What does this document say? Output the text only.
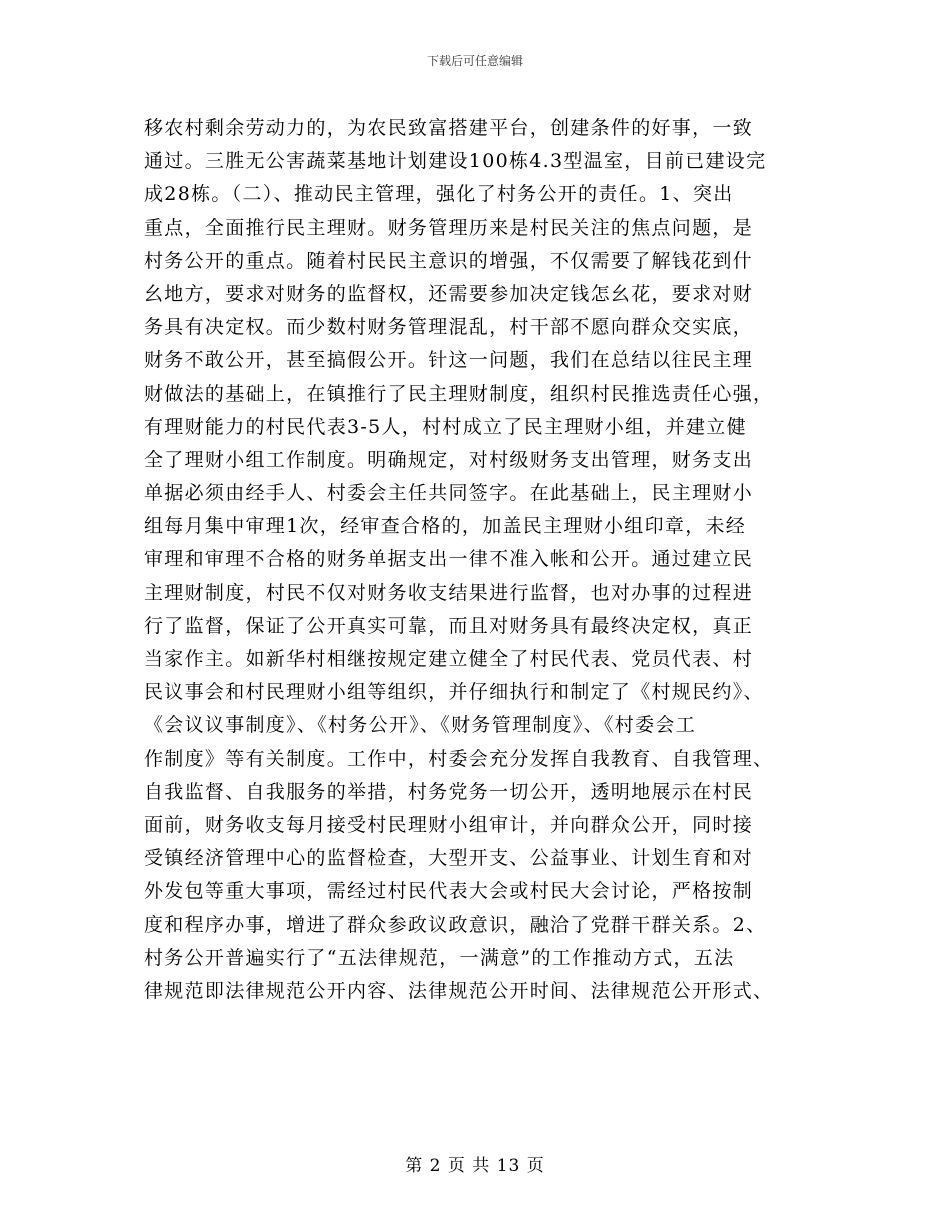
下载后可任意编辑
移农村剩余劳动力的，为农民致富搭建平台，创建条件的好事，一致
通过。三胜无公害蔬菜基地计划建设100栋4.3型温室，目前已建设完
成28栋。（二）、推动民主管理，强化了村务公开的责任。1、突出
重点，全面推行民主理财。财务管理历来是村民关注的焦点问题，是
村务公开的重点。随着村民民主意识的增强，不仅需要了解钱花到什
幺地方，要求对财务的监督权，还需要参加决定钱怎幺花，要求对财
务具有决定权。而少数村财务管理混乱，村干部不愿向群众交实底，
财务不敢公开，甚至搞假公开。针这一问题，我们在总结以往民主理
财做法的基础上，在镇推行了民主理财制度，组织村民推选责任心强，
有理财能力的村民代表3-5人，村村成立了民主理财小组，并建立健
全了理财小组工作制度。明确规定，对村级财务支出管理，财务支出
单据必须由经手人、村委会主任共同签字。在此基础上，民主理财小
组每月集中审理1次，经审查合格的，加盖民主理财小组印章，未经
审理和审理不合格的财务单据支出一律不准入帐和公开。通过建立民
主理财制度，村民不仅对财务收支结果进行监督，也对办事的过程进
行了监督，保证了公开真实可靠，而且对财务具有最终决定权，真正
当家作主。如新华村相继按规定建立健全了村民代表、党员代表、村
民议事会和村民理财小组等组织，并仔细执行和制定了《村规民约》、
《会议议事制度》、《村务公开》、《财务管理制度》、《村委会工
作制度》等有关制度。工作中，村委会充分发挥自我教育、自我管理、
自我监督、自我服务的举措，村务党务一切公开，透明地展示在村民
面前，财务收支每月接受村民理财小组审计，并向群众公开，同时接
受镇经济管理中心的监督检查，大型开支、公益事业、计划生育和对
外发包等重大事项，需经过村民代表大会或村民大会讨论，严格按制
度和程序办事，增进了群众参政议政意识，融洽了党群干群关系。2、
村务公开普遍实行了“五法律规范，一满意”的工作推动方式，五法
律规范即法律规范公开内容、法律规范公开时间、法律规范公开形式、
第 2 页 共 13 页
